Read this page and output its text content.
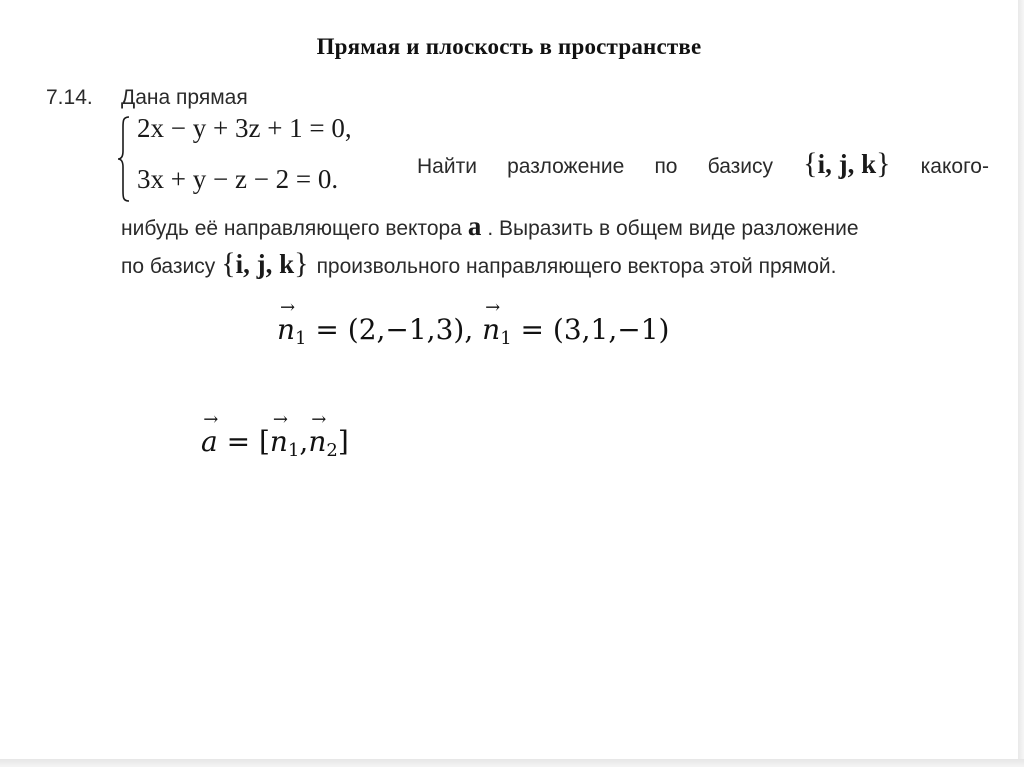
Прямая и плоскость в пространстве
7.14. Дана прямая
2x − y + 3z + 1 = 0,
3x + y − z − 2 = 0.	Найти разложение по базису {i, j, k} какого-
нибудь её направляющего вектора a . Выразить в общем виде разложение
по базису {i, j, k} произвольного направляющего вектора этой прямой.
n
→
$_1$ = (2,−1,3), n
→
$_1$ = (3,1,−1)
a
→
= [n
→
$_1$,n
→
$_2$]
